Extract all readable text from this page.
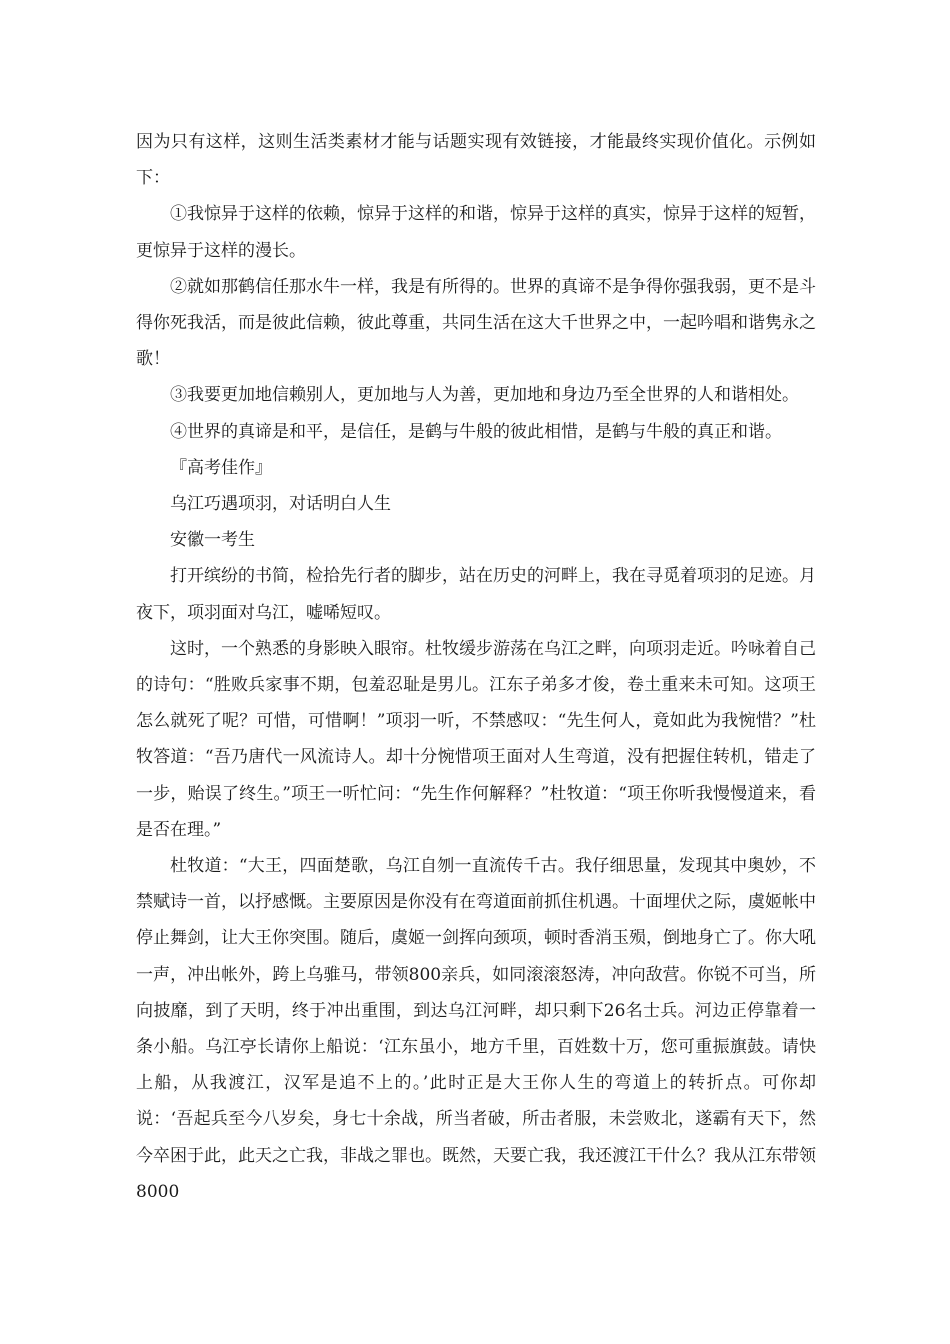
因为只有这样，这则生活类素材才能与话题实现有效链接，才能最终实现价值化。示例如下：

①我惊异于这样的依赖，惊异于这样的和谐，惊异于这样的真实，惊异于这样的短暂，更惊异于这样的漫长。

②就如那鹤信任那水牛一样，我是有所得的。世界的真谛不是争得你强我弱，更不是斗得你死我活，而是彼此信赖，彼此尊重，共同生活在这大千世界之中，一起吟唱和谐隽永之歌！

③我要更加地信赖别人，更加地与人为善，更加地和身边乃至全世界的人和谐相处。

④世界的真谛是和平，是信任，是鹤与牛般的彼此相惜，是鹤与牛般的真正和谐。

『高考佳作』

乌江巧遇项羽，对话明白人生

安徽一考生

打开缤纷的书简，检拾先行者的脚步，站在历史的河畔上，我在寻觅着项羽的足迹。月夜下，项羽面对乌江，嘘唏短叹。

这时，一个熟悉的身影映入眼帘。杜牧缓步游荡在乌江之畔，向项羽走近。吟咏着自己的诗句：“胜败兵家事不期，包羞忍耻是男儿。江东子弟多才俊，卷土重来未可知。这项王怎么就死了呢？可惜，可惜啊！”项羽一听，不禁感叹：“先生何人，竟如此为我惋惜？”杜牧答道：“吾乃唐代一风流诗人。却十分惋惜项王面对人生弯道，没有把握住转机，错走了一步，贻误了终生。”项王一听忙问：“先生作何解释？”杜牧道：“项王你听我慢慢道来，看是否在理。”

杜牧道：“大王，四面楚歌，乌江自刎一直流传千古。我仔细思量，发现其中奥妙，不禁赋诗一首，以抒感慨。主要原因是你没有在弯道面前抓住机遇。十面埋伏之际，虞姬帐中停止舞剑，让大王你突围。随后，虞姬一剑挥向颈项，顿时香消玉殒，倒地身亡了。你大吼一声，冲出帐外，跨上乌骓马，带领800亲兵，如同滚滚怒涛，冲向敌营。你锐不可当，所向披靡，到了天明，终于冲出重围，到达乌江河畔，却只剩下26名士兵。河边正停靠着一条小船。乌江亭长请你上船说：‘江东虽小，地方千里，百姓数十万，您可重振旗鼓。请快上船，从我渡江，汉军是追不上的。’此时正是大王你人生的弯道上的转折点。可你却说：‘吾起兵至今八岁矣，身七十余战，所当者破，所击者服，未尝败北，遂霸有天下，然今卒困于此，此天之亡我，非战之罪也。既然，天要亡我，我还渡江干什么？我从江东带领8000
